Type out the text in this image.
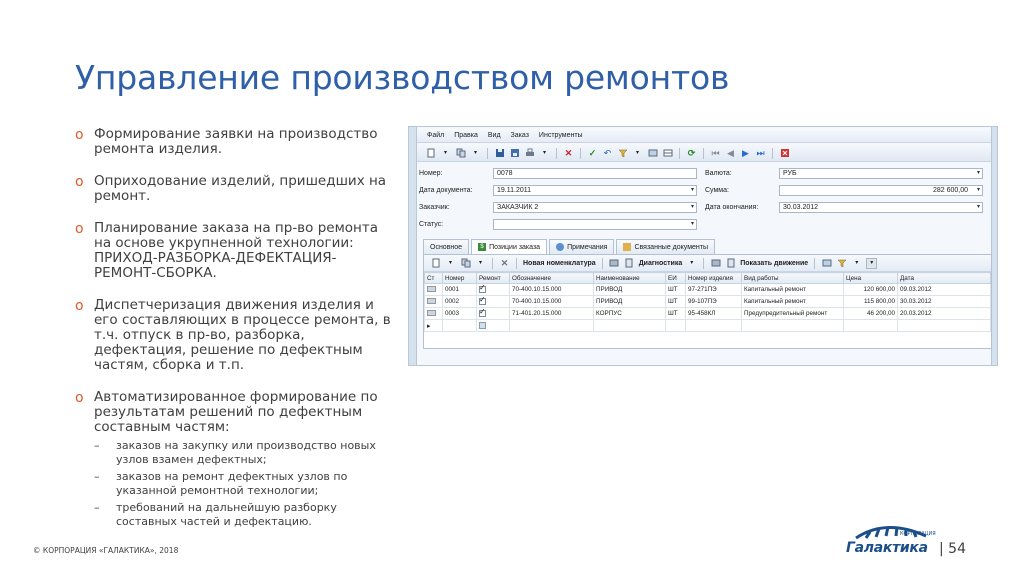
Управление производством ремонтов
o Формирование заявки на производство ремонта изделия.
o Оприходование изделий, пришедших на ремонт.
o Планирование заказа на пр-во ремонта на основе укрупненной технологии: ПРИХОД-РАЗБОРКА-ДЕФЕКТАЦИЯ-РЕМОНТ-СБОРКА.
o Диспетчеризация движения изделия и его составляющих в процессе ремонта, в т.ч. отпуск в пр-во, разборка, дефектация, решение по дефектным частям, сборка и т.п.
o Автоматизированное формирование по результатам решений по дефектным составным частям:
–	заказов на закупку или производство новых узлов взамен дефектных;
–	заказов на ремонт дефектных узлов по указанной ремонтной технологии;
–	требований на дальнейшую разборку составных частей и дефектацию.
Файл Правка Вид Заказ Инструменты
▾	▾	▾	✕ ✓ ↶	▾	⟳ ⏮ ◀ ▶ ⏭
Номер:	0078
Дата документа:	19.11.2011	▾
Заказчик:	ЗАКАЗЧИК 2	▾
Статус:	▾
Валюта:	РУБ	▾
Сумма:	282 600,00 ▾
Дата окончания:	30.03.2012	▾
Основное	$ Позиции заказа	Примечания	Связанные документы
▾	▾	✕ Новая номенклатура	Диагностика	▾	Показать движение	▾	▾
Ст	Номер	Ремонт	Обозначение	Наименование	ЕИ	Номер изделия	Вид работы	Цена	Дата
	0001	✓	70-400.10.15.000	ПРИВОД	ШТ	97-271ПЭ	Капитальный ремонт	120 600,00	09.03.2012
	0002	✓	70-400.10.15.000	ПРИВОД	ШТ	99-107ПЭ	Капитальный ремонт	115 800,00	30.03.2012
	0003	✓	71-401.20.15.000	КОРПУС	ШТ	95-458КЛ	Предупредительный ремонт	46 200,00	20.03.2012
▸									
© КОРПОРАЦИЯ «ГАЛАКТИКА», 2018
КОРПОРАЦИЯ
Галактика | 54
